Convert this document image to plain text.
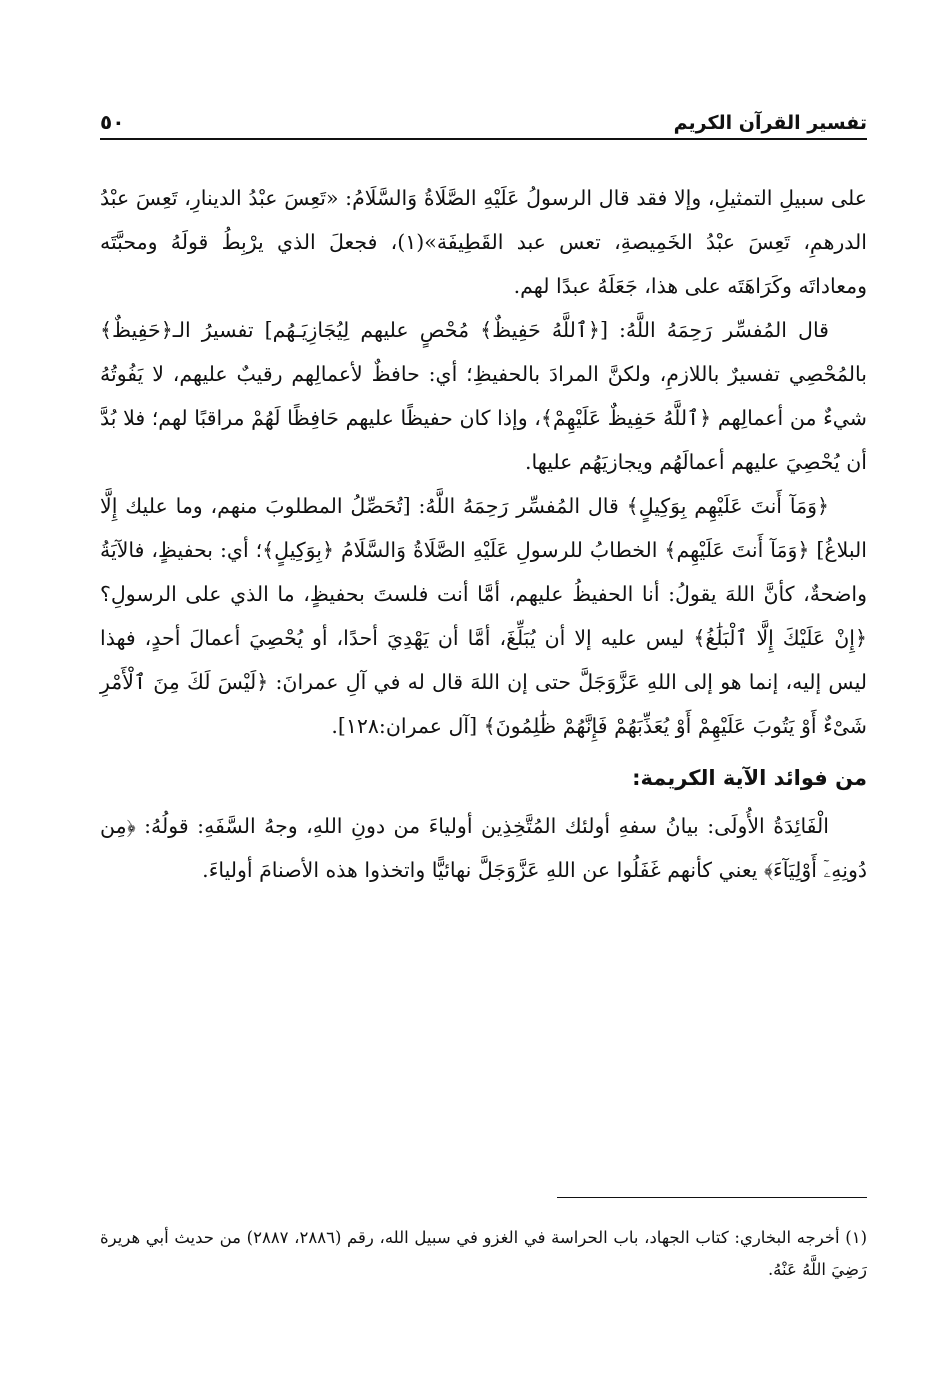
تفسير القرآن الكريم
٥٠

على سبيلِ التمثيلِ، وإلا فقد قال الرسولُ عَلَيْهِ الصَّلَاةُ وَالسَّلَامُ: «تَعِسَ عبْدُ الدينارِ، تَعِسَ عبْدُ الدرهمِ، تَعِسَ عبْدُ الخَمِيصةِ، تعس عبد القَطِيفَة»(١)، فجعلَ الذي يرْبِطُ قولَهُ ومحبَّتَه ومعاداتَه وكَرَاهَتَه على هذا، جَعَلَهُ عبدًا لهم.

قال المُفسِّر رَحِمَهُ اللَّهُ: [﴿ٱللَّهُ حَفِيظٌ﴾ مُحْصٍ عليهم لِيُجَازِيَـهُم] تفسيرُ الـ﴿حَفِيظٌ﴾ بالمُحْصِي تفسيرٌ باللازمِ، ولكنَّ المرادَ بالحفيظِ؛ أي: حافظٌ لأعمالِهم رقيبٌ عليهم، لا يَفُوتُهُ شيءٌ من أعمالِهم ﴿ٱللَّهُ حَفِيظٌ عَلَيْهِمْ﴾، وإذا كان حفيظًا عليهم حَافِظًا لَهُمْ مراقبًا لهم؛ فلا بُدَّ أن يُحْصِيَ عليهم أعمالَهُم ويجازيَهُم عليها.

﴿وَمَآ أَنتَ عَلَيْهِم بِوَكِيلٍ﴾ قال المُفسِّر رَحِمَهُ اللَّهُ: [تُحَصِّلُ المطلوبَ منهم، وما عليك إِلَّا البلاغُ] ﴿وَمَآ أَنتَ عَلَيْهِم﴾ الخطابُ للرسولِ عَلَيْهِ الصَّلَاةُ وَالسَّلَامُ ﴿بِوَكِيلٍ﴾؛ أي: بحفيظٍ، فالآيَةُ واضحةٌ، كأنَّ اللهَ يقولُ: أنا الحفيظُ عليهم، أمَّا أنت فلستَ بحفيظٍ، ما الذي على الرسولِ؟ ﴿إِنْ عَلَيْكَ إِلَّا ٱلْبَلَٰغُ﴾ ليس عليه إلا أن يُبَلِّغَ، أمَّا أن يَهْدِيَ أحدًا، أو يُحْصِيَ أعمالَ أحدٍ، فهذا ليس إليه، إنما هو إلى اللهِ عَزَّوَجَلَّ حتى إن اللهَ قال له في آلِ عمرانَ: ﴿لَيْسَ لَكَ مِنَ ٱلْأَمْرِ شَىْءٌ أَوْ يَتُوبَ عَلَيْهِمْ أَوْ يُعَذِّبَهُمْ فَإِنَّهُمْ ظَٰلِمُونَ﴾ [آل عمران:١٢٨].

من فوائد الآية الكريمة:

الْفَائِدَةُ الأُولَى: بيانُ سفهِ أولئك المُتَّخِذِين أولياءَ من دونِ اللهِ، وجهُ السَّفَهِ: قولُهُ: ﴿مِن دُونِهِۦٓ أَوْلِيَآءَ﴾ يعني كأنهم غَفَلُوا عن اللهِ عَزَّوَجَلَّ نهائيًّا واتخذوا هذه الأصنامَ أولياءَ.

(١) أخرجه البخاري: كتاب الجهاد، باب الحراسة في الغزو في سبيل الله، رقم (٢٨٨٦، ٢٨٨٧) من حديث أبي هريرة رَضِيَ اللَّهُ عَنْهُ.
